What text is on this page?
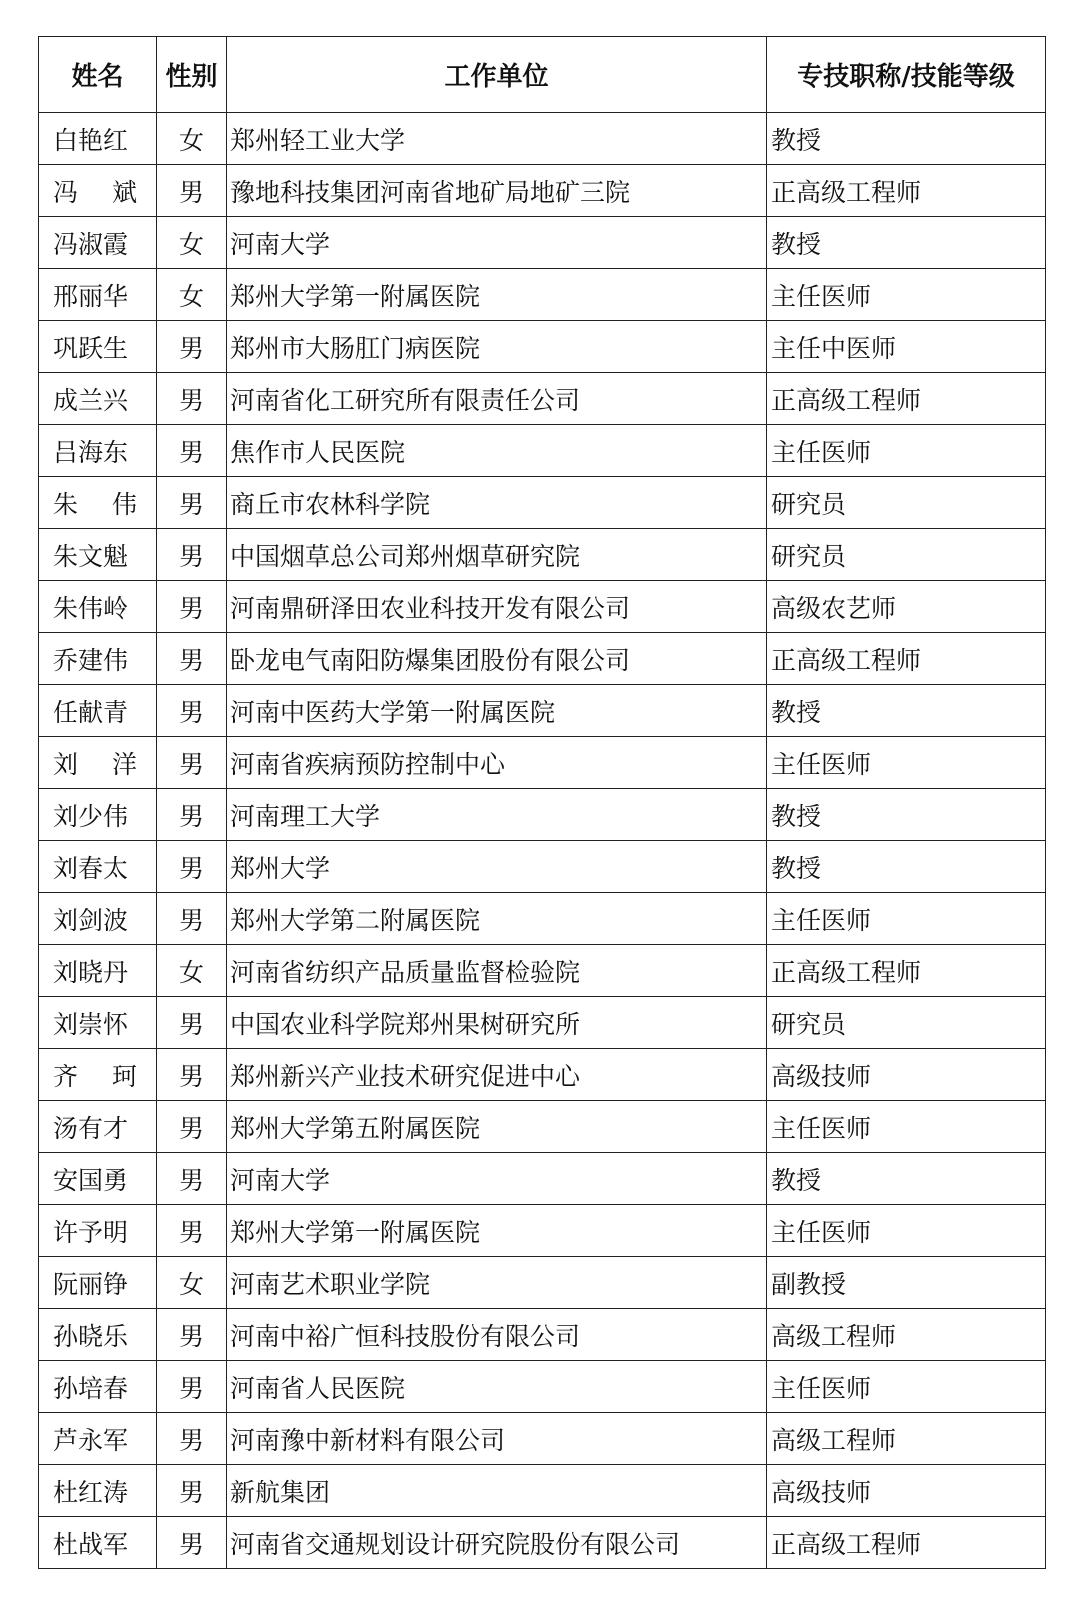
姓名	性别	工作单位	专技职称/技能等级
白艳红	女	郑州轻工业大学	教授
冯 斌	男	豫地科技集团河南省地矿局地矿三院	正高级工程师
冯淑霞	女	河南大学	教授
邢丽华	女	郑州大学第一附属医院	主任医师
巩跃生	男	郑州市大肠肛门病医院	主任中医师
成兰兴	男	河南省化工研究所有限责任公司	正高级工程师
吕海东	男	焦作市人民医院	主任医师
朱 伟	男	商丘市农林科学院	研究员
朱文魁	男	中国烟草总公司郑州烟草研究院	研究员
朱伟岭	男	河南鼎研泽田农业科技开发有限公司	高级农艺师
乔建伟	男	卧龙电气南阳防爆集团股份有限公司	正高级工程师
任献青	男	河南中医药大学第一附属医院	教授
刘 洋	男	河南省疾病预防控制中心	主任医师
刘少伟	男	河南理工大学	教授
刘春太	男	郑州大学	教授
刘剑波	男	郑州大学第二附属医院	主任医师
刘晓丹	女	河南省纺织产品质量监督检验院	正高级工程师
刘崇怀	男	中国农业科学院郑州果树研究所	研究员
齐 珂	男	郑州新兴产业技术研究促进中心	高级技师
汤有才	男	郑州大学第五附属医院	主任医师
安国勇	男	河南大学	教授
许予明	男	郑州大学第一附属医院	主任医师
阮丽铮	女	河南艺术职业学院	副教授
孙晓乐	男	河南中裕广恒科技股份有限公司	高级工程师
孙培春	男	河南省人民医院	主任医师
芦永军	男	河南豫中新材料有限公司	高级工程师
杜红涛	男	新航集团	高级技师
杜战军	男	河南省交通规划设计研究院股份有限公司	正高级工程师
